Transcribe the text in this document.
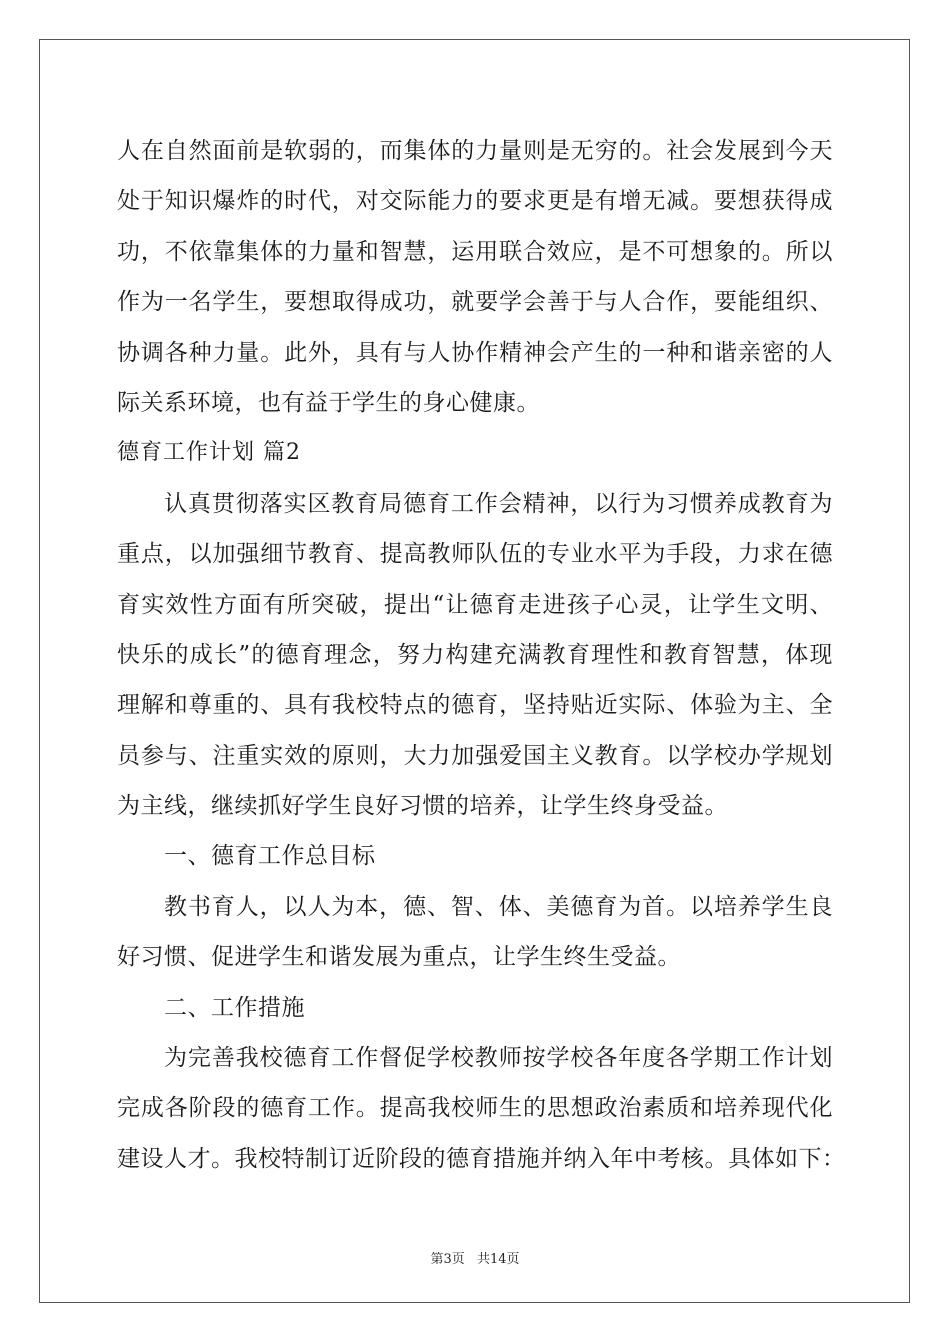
人在自然面前是软弱的，而集体的力量则是无穷的。社会发展到今天
处于知识爆炸的时代，对交际能力的要求更是有增无减。要想获得成
功，不依靠集体的力量和智慧，运用联合效应，是不可想象的。所以
作为一名学生，要想取得成功，就要学会善于与人合作，要能组织、
协调各种力量。此外，具有与人协作精神会产生的一种和谐亲密的人
际关系环境，也有益于学生的身心健康。
德育工作计划 篇2
认真贯彻落实区教育局德育工作会精神，以行为习惯养成教育为
重点，以加强细节教育、提高教师队伍的专业水平为手段，力求在德
育实效性方面有所突破，提出“让德育走进孩子心灵，让学生文明、
快乐的成长”的德育理念，努力构建充满教育理性和教育智慧，体现
理解和尊重的、具有我校特点的德育，坚持贴近实际、体验为主、全
员参与、注重实效的原则，大力加强爱国主义教育。以学校办学规划
为主线，继续抓好学生良好习惯的培养，让学生终身受益。
一、德育工作总目标
教书育人，以人为本，德、智、体、美德育为首。以培养学生良
好习惯、促进学生和谐发展为重点，让学生终生受益。
二、工作措施
为完善我校德育工作督促学校教师按学校各年度各学期工作计划
完成各阶段的德育工作。提高我校师生的思想政治素质和培养现代化
建设人才。我校特制订近阶段的德育措施并纳入年中考核。具体如下：
第3页 共14页
